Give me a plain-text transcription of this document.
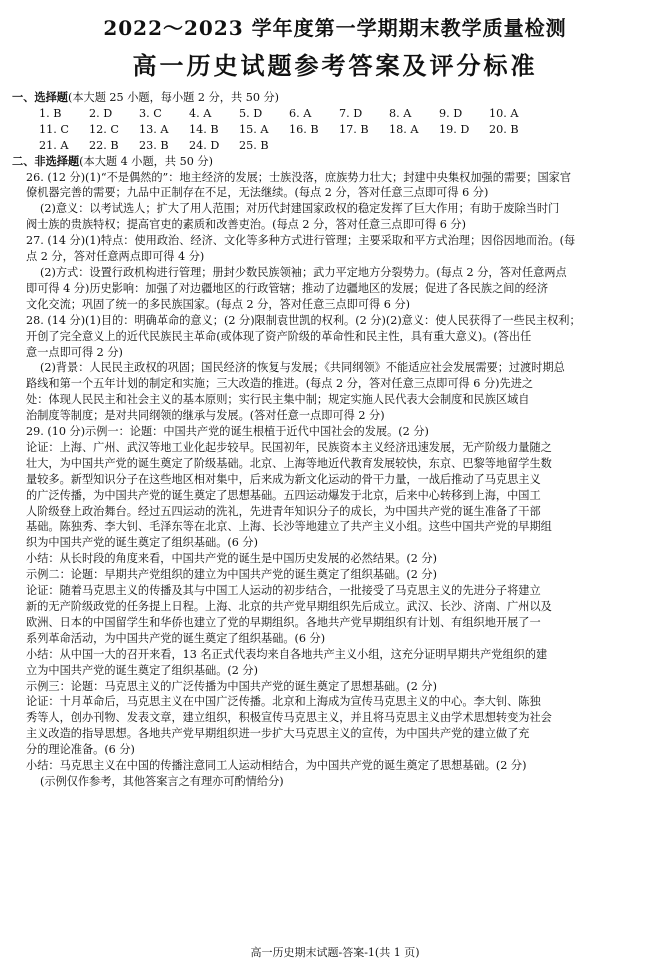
2022～2023 学年度第一学期期末教学质量检测
高一历史试题参考答案及评分标准
一、选择题(本大题 25 小题，每小题 2 分，共 50 分)
1. B	2. D	3. C	4. A	5. D	6. A	7. D	8. A	9. D	10. A
11. C	12. C	13. A	14. B	15. A	16. B	17. B	18. A	19. D	20. B
21. A	22. B	23. B	24. D	25. B
二、非选择题(本大题 4 小题，共 50 分)

26. (12 分)(1)“不是偶然的”：地主经济的发展；士族没落，庶族势力壮大；封建中央集权加强的需要；国家官

僚机器完善的需要；九品中正制存在不足，无法继续。(每点 2 分，答对任意三点即可得 6 分)

(2)意义：以考试选人；扩大了用人范围；对历代封建国家政权的稳定发挥了巨大作用；有助于废除当时门

阀士族的贵族特权；提高官吏的素质和改善吏治。(每点 2 分，答对任意三点即可得 6 分)

27. (14 分)(1)特点：使用政治、经济、文化等多种方式进行管理；主要采取和平方式治理；因俗因地而治。(每

点 2 分，答对任意两点即可得 4 分)

(2)方式：设置行政机构进行管理；册封少数民族领袖；武力平定地方分裂势力。(每点 2 分，答对任意两点

即可得 4 分)历史影响：加强了对边疆地区的行政管辖；推动了边疆地区的发展；促进了各民族之间的经济

文化交流；巩固了统一的多民族国家。(每点 2 分，答对任意三点即可得 6 分)

28. (14 分)(1)目的：明确革命的意义；(2 分)限制袁世凯的权利。(2 分)(2)意义：使人民获得了一些民主权利；

开创了完全意义上的近代民族民主革命(或体现了资产阶级的革命性和民主性，具有重大意义)。(答出任

意一点即可得 2 分)

(2)背景：人民民主政权的巩固；国民经济的恢复与发展；《共同纲领》不能适应社会发展需要；过渡时期总

路线和第一个五年计划的制定和实施；三大改造的推进。(每点 2 分，答对任意三点即可得 6 分)先进之

处：体现人民民主和社会主义的基本原则；实行民主集中制；规定实施人民代表大会制度和民族区域自

治制度等制度；是对共同纲领的继承与发展。(答对任意一点即可得 2 分)

29. (10 分)示例一：论题：中国共产党的诞生根植于近代中国社会的发展。(2 分)

论证：上海、广州、武汉等地工业化起步较早。民国初年，民族资本主义经济迅速发展，无产阶级力量随之

壮大，为中国共产党的诞生奠定了阶级基础。北京、上海等地近代教育发展较快，东京、巴黎等地留学生数

量较多。新型知识分子在这些地区相对集中，后来成为新文化运动的骨干力量，一战后推动了马克思主义

的广泛传播，为中国共产党的诞生奠定了思想基础。五四运动爆发于北京，后来中心转移到上海，中国工

人阶级登上政治舞台。经过五四运动的洗礼，先进青年知识分子的成长，为中国共产党的诞生准备了干部

基础。陈独秀、李大钊、毛泽东等在北京、上海、长沙等地建立了共产主义小组。这些中国共产党的早期组

织为中国共产党的诞生奠定了组织基础。(6 分)

小结：从长时段的角度来看，中国共产党的诞生是中国历史发展的必然结果。(2 分)

示例二：论题：早期共产党组织的建立为中国共产党的诞生奠定了组织基础。(2 分)

论证：随着马克思主义的传播及其与中国工人运动的初步结合，一批接受了马克思主义的先进分子将建立

新的无产阶级政党的任务提上日程。上海、北京的共产党早期组织先后成立。武汉、长沙、济南、广州以及

欧洲、日本的中国留学生和华侨也建立了党的早期组织。各地共产党早期组织有计划、有组织地开展了一

系列革命活动，为中国共产党的诞生奠定了组织基础。(6 分)

小结：从中国一大的召开来看，13 名正式代表均来自各地共产主义小组，这充分证明早期共产党组织的建

立为中国共产党的诞生奠定了组织基础。(2 分)

示例三：论题：马克思主义的广泛传播为中国共产党的诞生奠定了思想基础。(2 分)

论证：十月革命后，马克思主义在中国广泛传播。北京和上海成为宣传马克思主义的中心。李大钊、陈独

秀等人，创办刊物、发表文章，建立组织，积极宣传马克思主义，并且将马克思主义由学术思想转变为社会

主义改造的指导思想。各地共产党早期组织进一步扩大马克思主义的宣传，为中国共产党的建立做了充

分的理论准备。(6 分)

小结：马克思主义在中国的传播注意同工人运动相结合，为中国共产党的诞生奠定了思想基础。(2 分)

(示例仅作参考，其他答案言之有理亦可酌情给分)

高一历史期末试题-答案-1(共 1 页)
